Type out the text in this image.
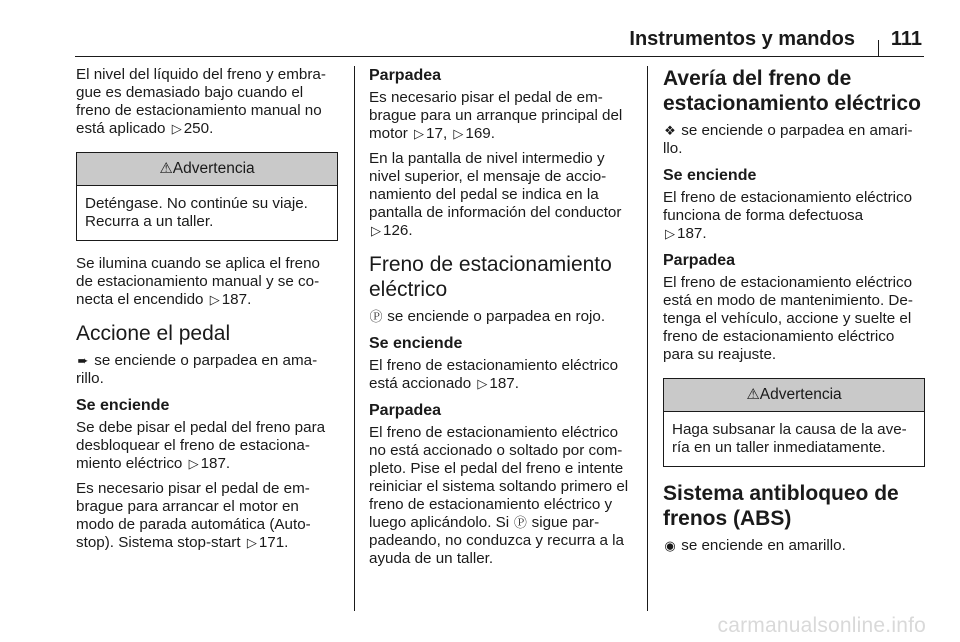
Instrumentos y mandos 111

El nivel del líquido del freno y embra-gue es demasiado bajo cuando el freno de estacionamiento manual no está aplicado ▷ 250.

⚠Advertencia
Deténgase. No continúe su viaje. Recurra a un taller.

Se ilumina cuando se aplica el freno de estacionamiento manual y se co-necta el encendido ▷ 187.

Accione el pedal

➨ se enciende o parpadea en ama-rillo.

Se enciende

Se debe pisar el pedal del freno para desbloquear el freno de estaciona-miento eléctrico ▷ 187.

Es necesario pisar el pedal de em-brague para arrancar el motor en modo de parada automática (Auto-stop). Sistema stop-start ▷ 171.

Parpadea

Es necesario pisar el pedal de em-brague para un arranque principal del motor ▷ 17, ▷ 169.

En la pantalla de nivel intermedio y nivel superior, el mensaje de accio-namiento del pedal se indica en la pantalla de información del conductor
▷ 126.

Freno de estacionamiento eléctrico

Ⓟ se enciende o parpadea en rojo.

Se enciende

El freno de estacionamiento eléctrico está accionado ▷ 187.

Parpadea

El freno de estacionamiento eléctrico no está accionado o soltado por com-pleto. Pise el pedal del freno e intente reiniciar el sistema soltando primero el freno de estacionamiento eléctrico y luego aplicándolo. Si Ⓟ sigue par-padeando, no conduzca y recurra a la ayuda de un taller.

Avería del freno de estacionamiento eléctrico

❖ se enciende o parpadea en amari-llo.

Se enciende

El freno de estacionamiento eléctrico funciona de forma defectuosa
▷ 187.

Parpadea

El freno de estacionamiento eléctrico está en modo de mantenimiento. De-tenga el vehículo, accione y suelte el freno de estacionamiento eléctrico para su reajuste.

⚠Advertencia
Haga subsanar la causa de la ave-ría en un taller inmediatamente.
Sistema antibloqueo de frenos (ABS)

◉ se enciende en amarillo.

carmanualsonline.info
